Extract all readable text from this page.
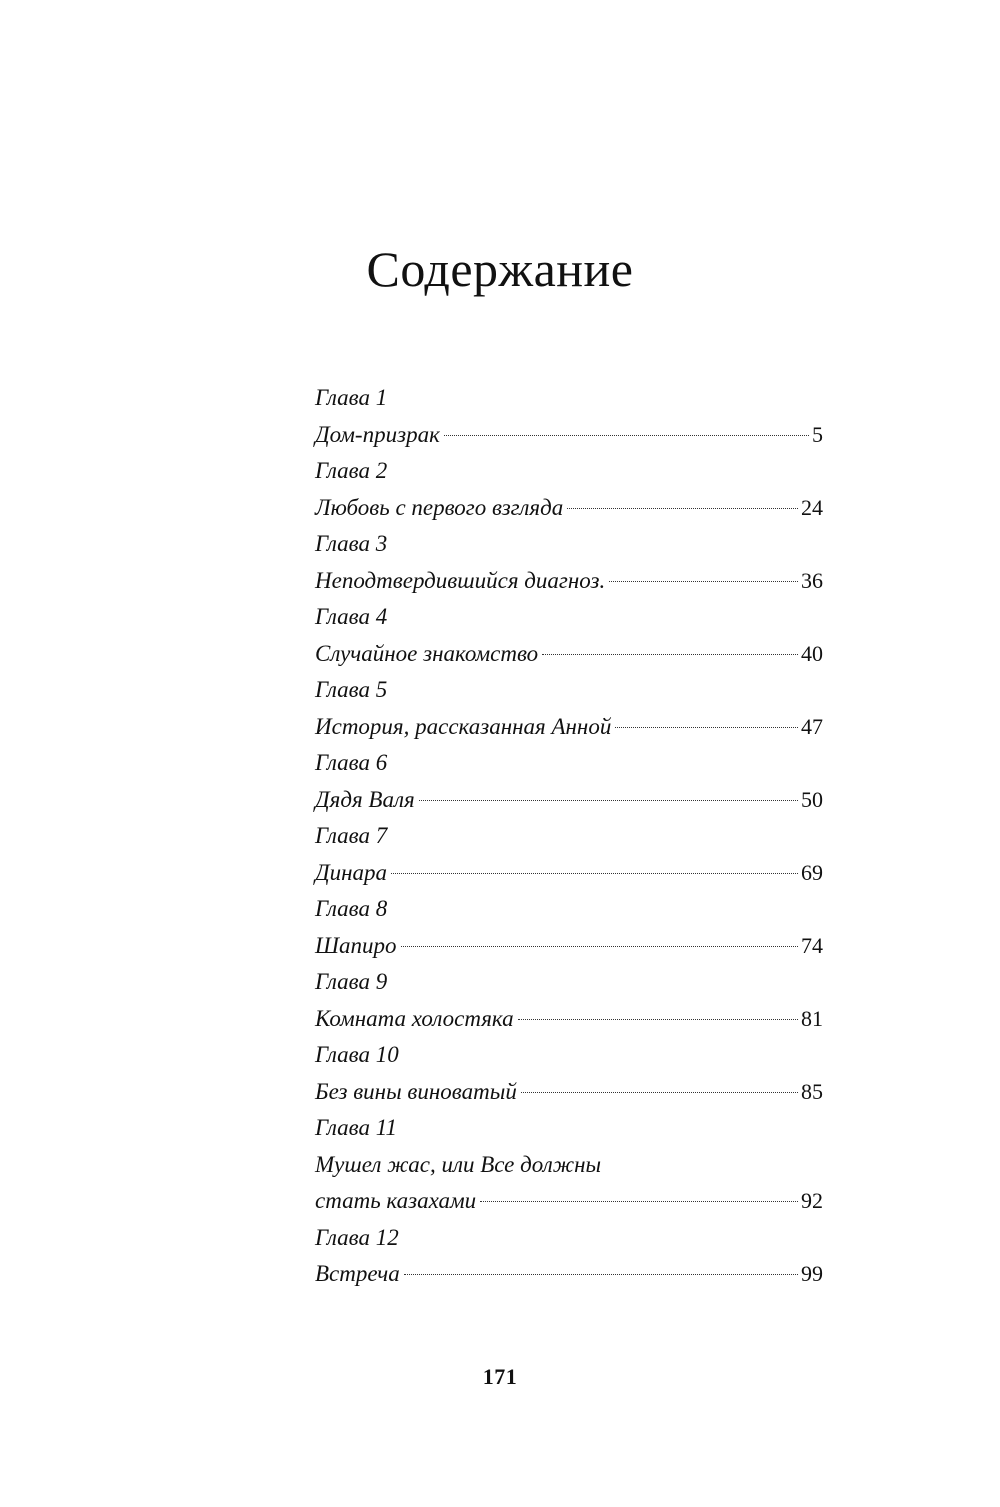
Содержание
Глава 1
Дом-призрак	5
Глава 2
Любовь с первого взгляда	24
Глава 3
Неподтвердившийся диагноз.	36
Глава 4
Случайное знакомство	40
Глава 5
История, рассказанная Анной	47
Глава 6
Дядя Валя	50
Глава 7
Динара	69
Глава 8
Шапиро	74
Глава 9
Комната холостяка	81
Глава 10
Без вины виноватый	85
Глава 11
Мушел жас, или Все должны
стать казахами	92
Глава 12
Встреча	99
171
